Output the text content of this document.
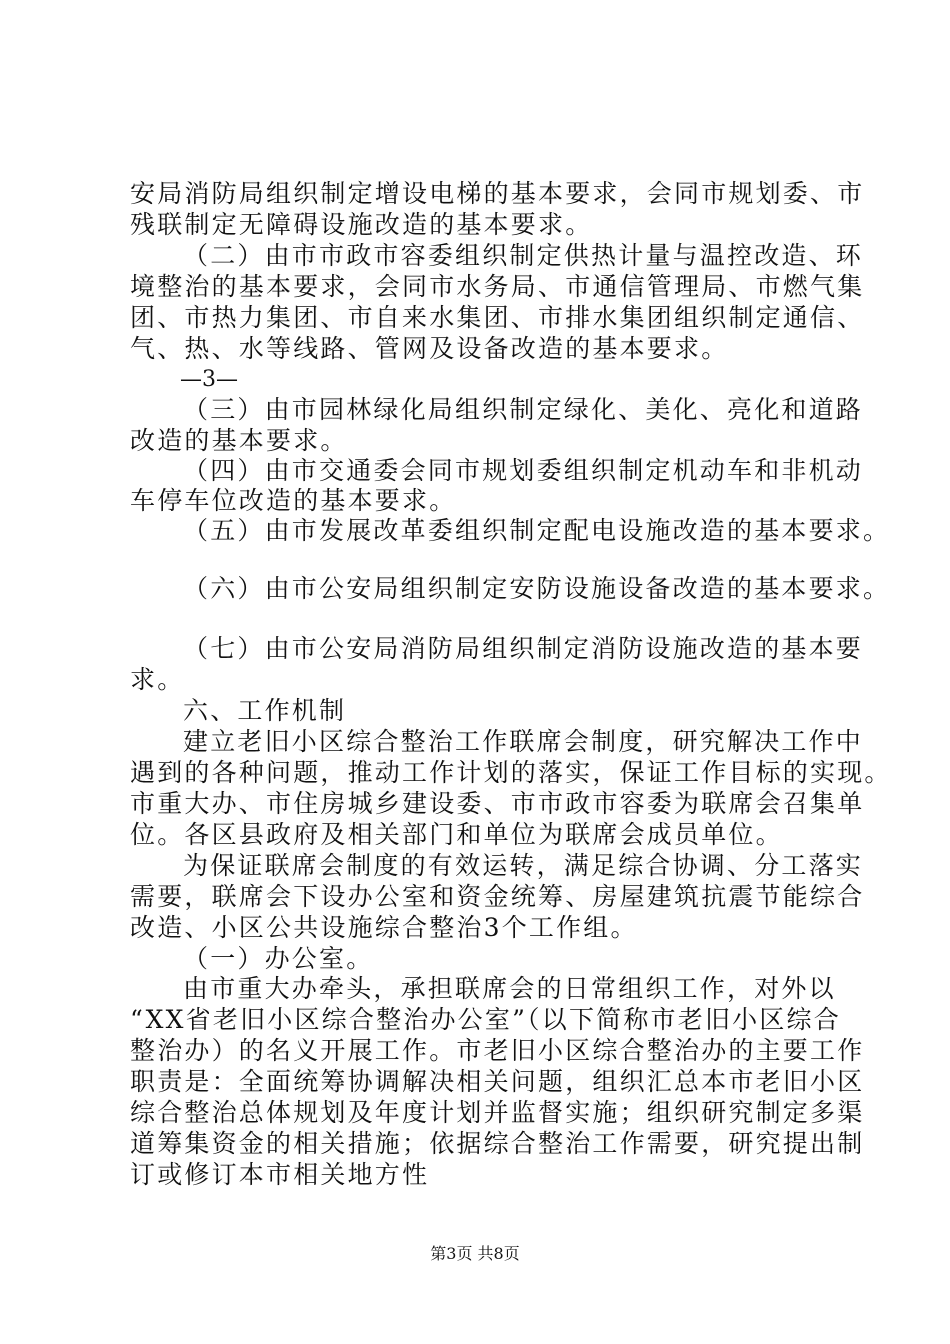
安局消防局组织制定增设电梯的基本要求，会同市规划委、市
残联制定无障碍设施改造的基本要求。
（二）由市市政市容委组织制定供热计量与温控改造、环
境整治的基本要求，会同市水务局、市通信管理局、市燃气集
团、市热力集团、市自来水集团、市排水集团组织制定通信、
气、热、水等线路、管网及设备改造的基本要求。
—3—
（三）由市园林绿化局组织制定绿化、美化、亮化和道路
改造的基本要求。
（四）由市交通委会同市规划委组织制定机动车和非机动
车停车位改造的基本要求。
（五）由市发展改革委组织制定配电设施改造的基本要求。
（六）由市公安局组织制定安防设施设备改造的基本要求。
（七）由市公安局消防局组织制定消防设施改造的基本要
求。
六、工作机制
建立老旧小区综合整治工作联席会制度，研究解决工作中
遇到的各种问题，推动工作计划的落实，保证工作目标的实现。
市重大办、市住房城乡建设委、市市政市容委为联席会召集单
位。各区县政府及相关部门和单位为联席会成员单位。
为保证联席会制度的有效运转，满足综合协调、分工落实
需要，联席会下设办公室和资金统筹、房屋建筑抗震节能综合
改造、小区公共设施综合整治3个工作组。
（一）办公室。
由市重大办牵头，承担联席会的日常组织工作，对外以
“XX省老旧小区综合整治办公室”（以下简称市老旧小区综合
整治办）的名义开展工作。市老旧小区综合整治办的主要工作
职责是：全面统筹协调解决相关问题，组织汇总本市老旧小区
综合整治总体规划及年度计划并监督实施；组织研究制定多渠
道筹集资金的相关措施；依据综合整治工作需要，研究提出制
订或修订本市相关地方性
第3页 共8页
